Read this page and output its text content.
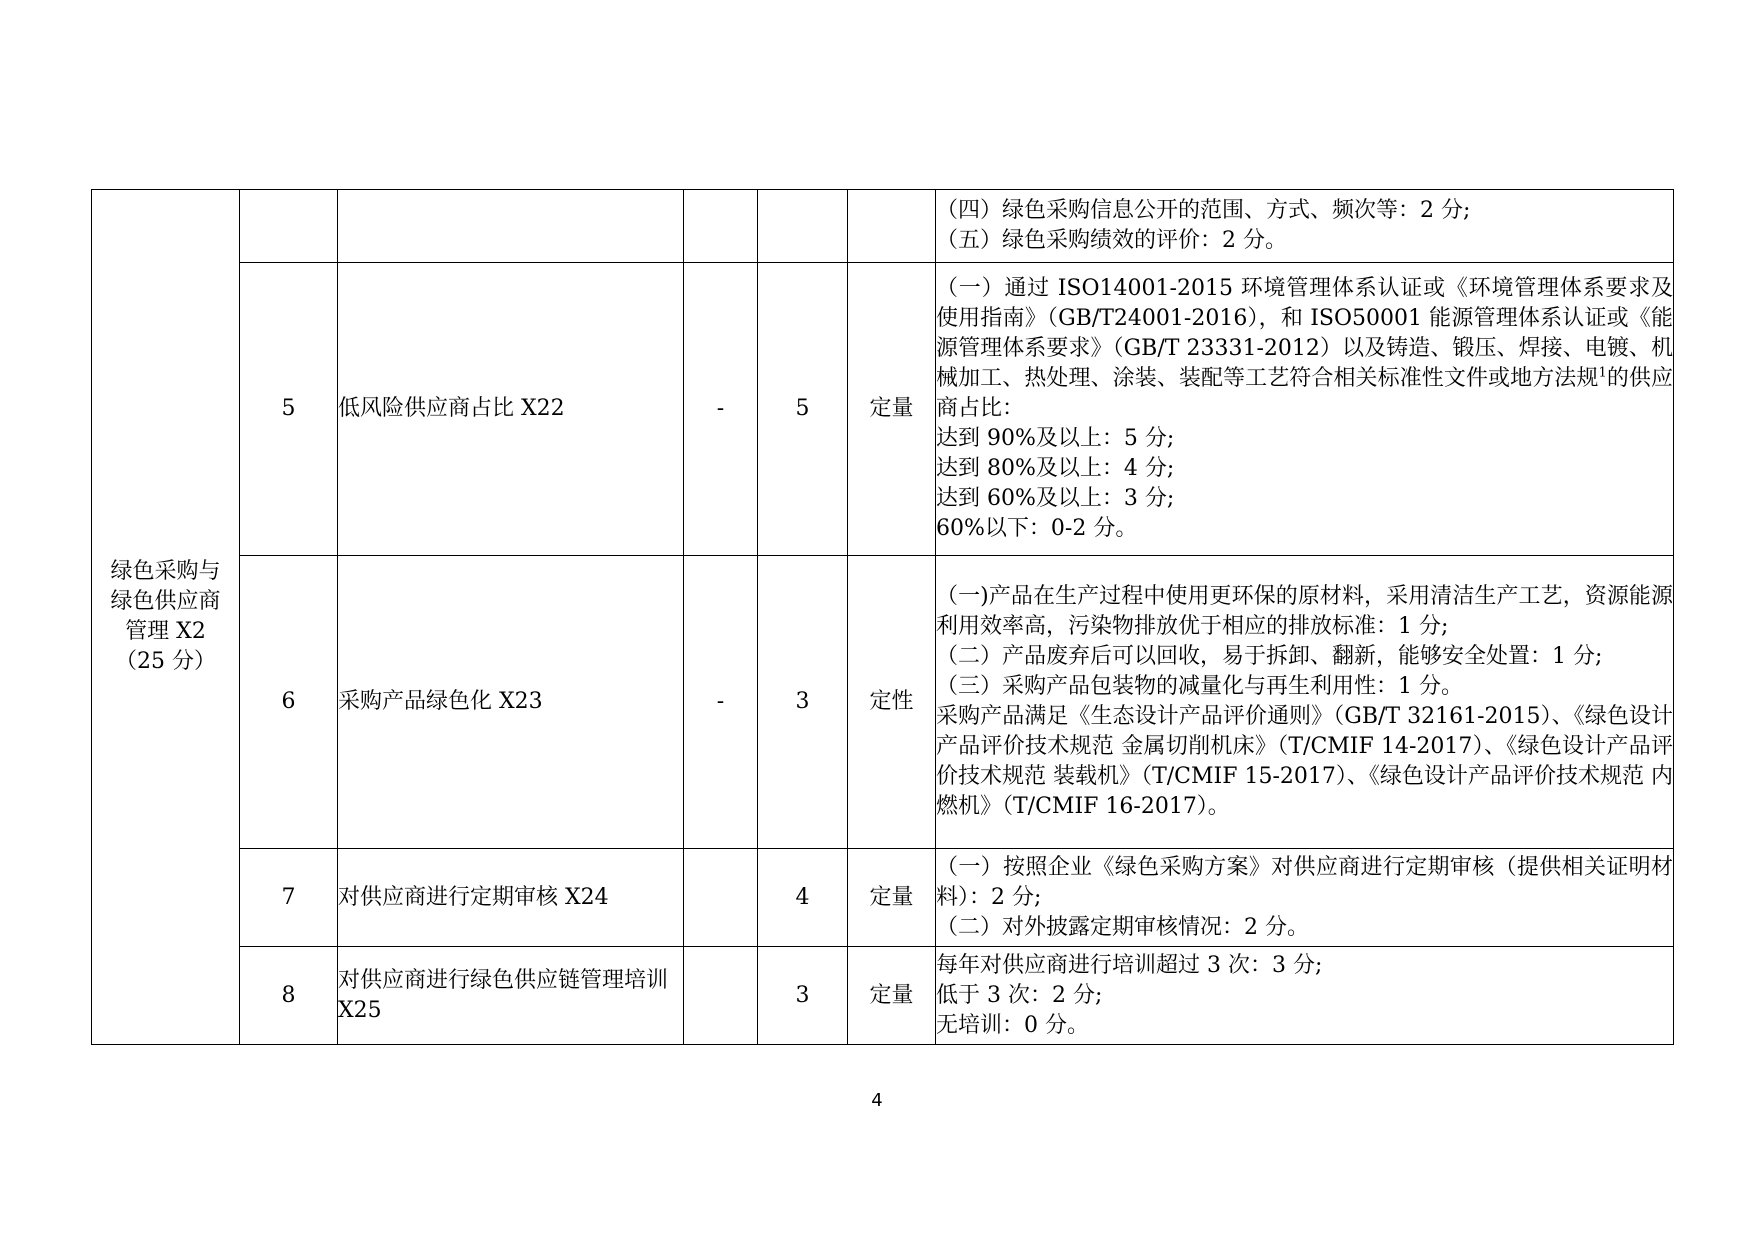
绿色采购与
绿色供应商
管理 X2
（25 分）						（四）绿色采购信息公开的范围、方式、频次等：2 分;
（五）绿色采购绩效的评价：2 分。

	5	低风险供应商占比 X22	-	5	定量	（一）通过 ISO14001-2015 环境管理体系认证或《环境管理体系要求及使用指南》（GB/T24001-2016），和 ISO50001 能源管理体系认证或《能源管理体系要求》（GB/T 23331-2012）以及铸造、锻压、焊接、电镀、机械加工、热处理、涂装、装配等工艺符合相关标准性文件或地方法规$^1$的供应商占比：
达到 90%及以上：5 分;
达到 80%及以上：4 分;
达到 60%及以上：3 分;
60%以下：0-2 分。

	6	采购产品绿色化 X23	-	3	定性	（一)产品在生产过程中使用更环保的原材料，采用清洁生产工艺，资源能源利用效率高，污染物排放优于相应的排放标准：1 分;
（二）产品废弃后可以回收，易于拆卸、翻新，能够安全处置：1 分;
（三）采购产品包装物的减量化与再生利用性：1 分。
采购产品满足《生态设计产品评价通则》（GB/T 32161-2015）、《绿色设计产品评价技术规范 金属切削机床》（T/CMIF 14-2017）、《绿色设计产品评价技术规范 装载机》（T/CMIF 15-2017）、《绿色设计产品评价技术规范 内燃机》（T/CMIF 16-2017）。

	7	对供应商进行定期审核 X24		4	定量	（一）按照企业《绿色采购方案》对供应商进行定期审核（提供相关证明材料）：2 分;
（二）对外披露定期审核情况：2 分。

	8	对供应商进行绿色供应链管理培训 X25		3	定量	每年对供应商进行培训超过 3 次：3 分;
低于 3 次：2 分;
无培训：0 分。
4
